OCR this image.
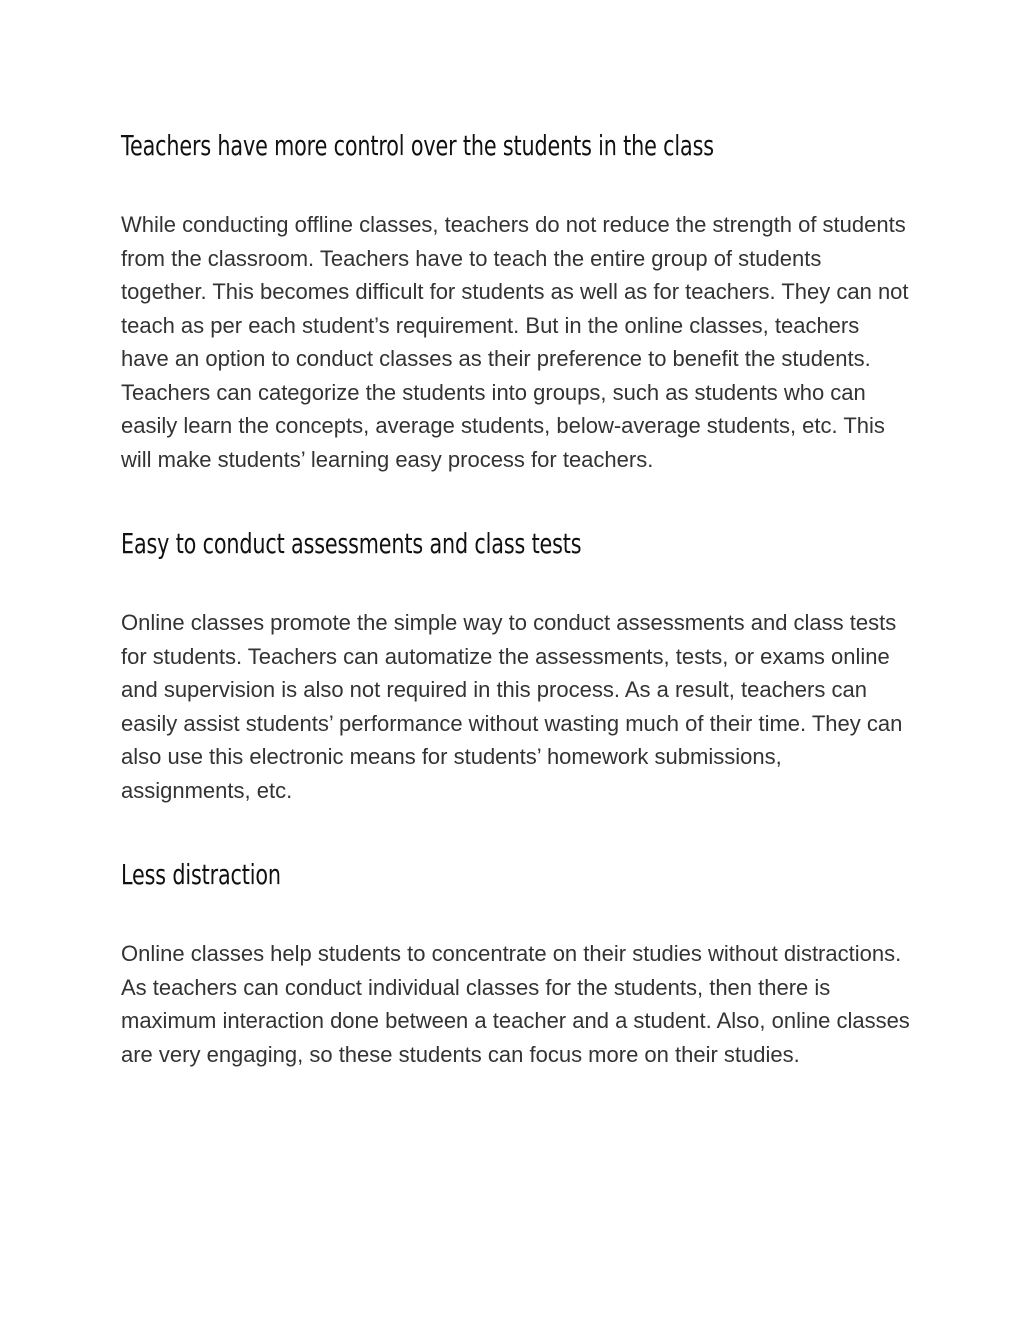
Teachers have more control over the students in the class

While conducting offline classes, teachers do not reduce the strength of students from the classroom. Teachers have to teach the entire group of students together. This becomes difficult for students as well as for teachers. They can not teach as per each student’s requirement. But in the online classes, teachers have an option to conduct classes as their preference to benefit the students. Teachers can categorize the students into groups, such as students who can easily learn the concepts, average students, below-average students, etc. This will make students’ learning easy process for teachers.

Easy to conduct assessments and class tests

Online classes promote the simple way to conduct assessments and class tests for students. Teachers can automatize the assessments, tests, or exams online and supervision is also not required in this process. As a result, teachers can easily assist students’ performance without wasting much of their time. They can also use this electronic means for students’ homework submissions, assignments, etc.

Less distraction

Online classes help students to concentrate on their studies without distractions. As teachers can conduct individual classes for the students, then there is maximum interaction done between a teacher and a student. Also, online classes are very engaging, so these students can focus more on their studies.
